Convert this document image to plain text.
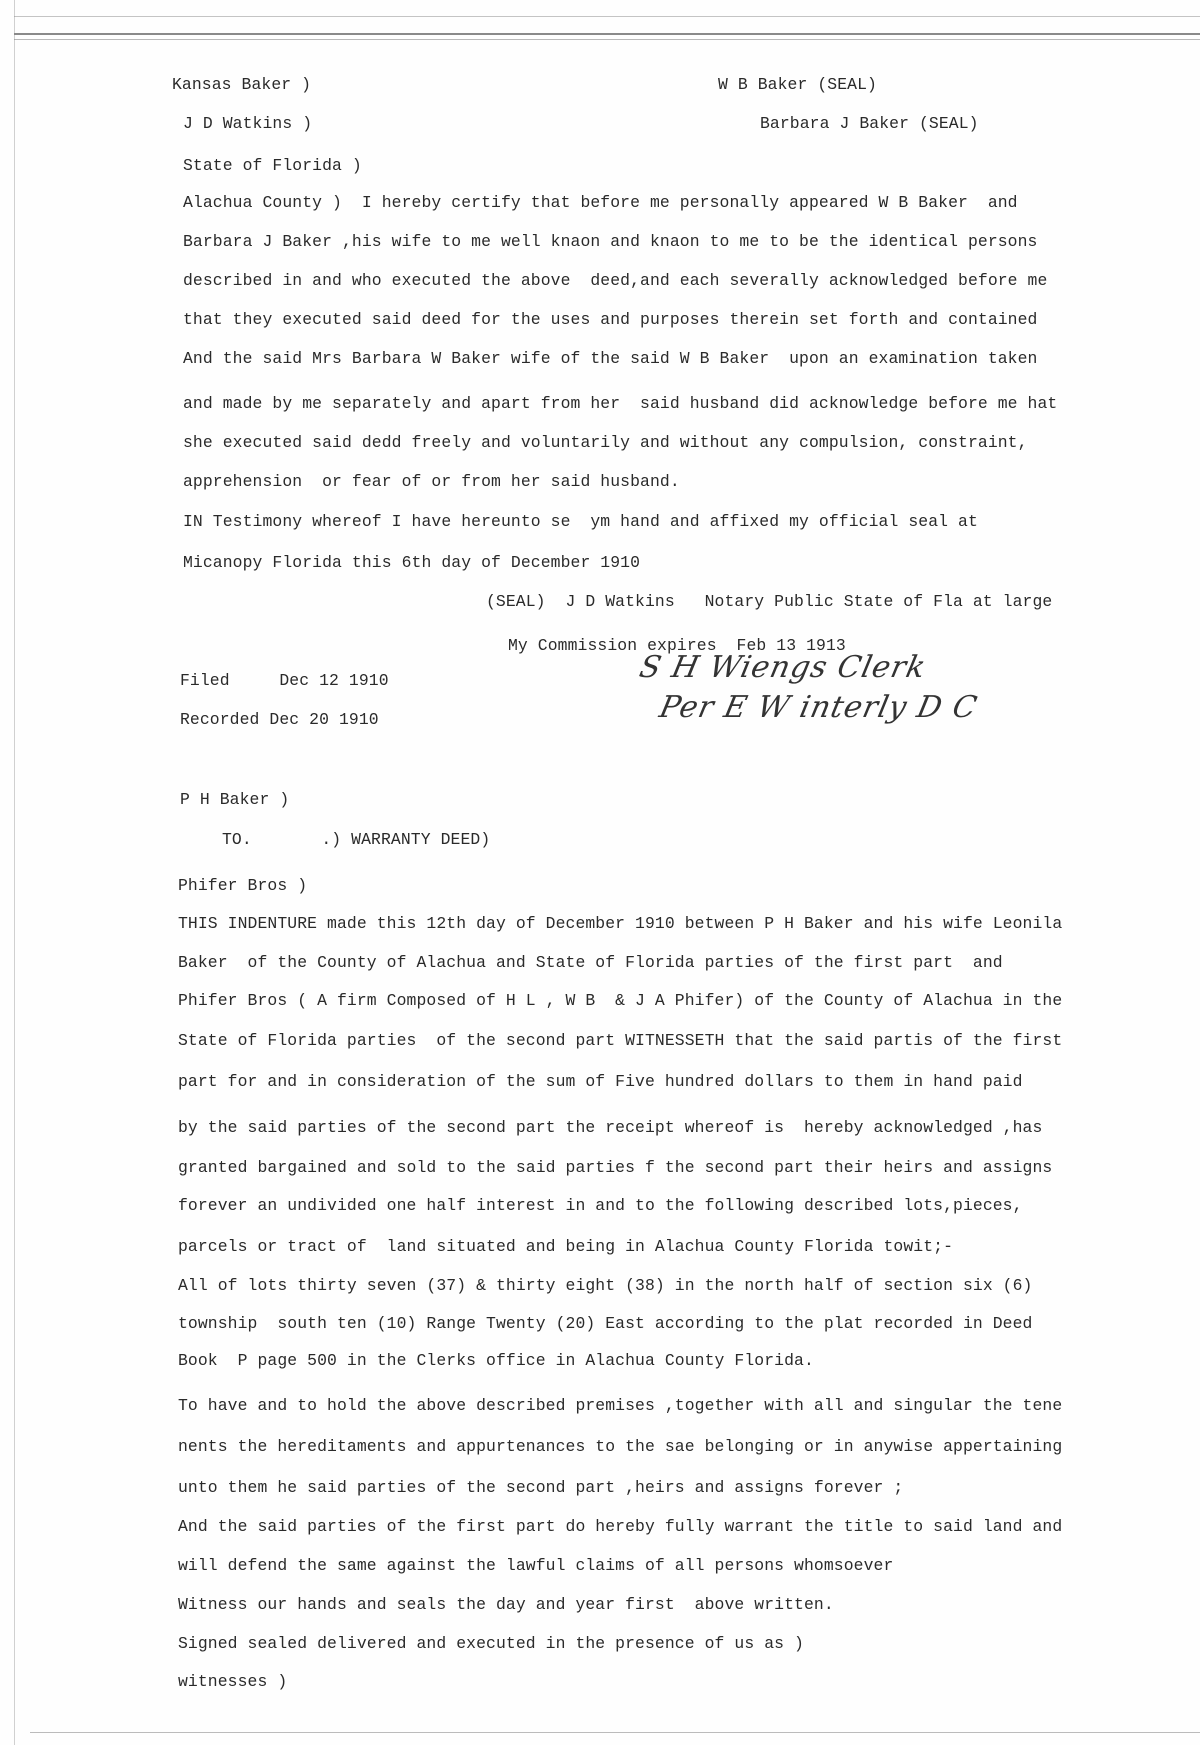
Kansas Baker )	W B Baker (SEAL)
J D Watkins )	Barbara J Baker (SEAL)
State of Florida )
Alachua County )  I hereby certify that before me personally appeared W B Baker  and
Barbara J Baker ,his wife to me well knaon and knaon to me to be the identical persons
described in and who executed the above  deed,and each severally acknowledged before me
that they executed said deed for the uses and purposes therein set forth and contained
And the said Mrs Barbara W Baker wife of the said W B Baker  upon an examination taken
and made by me separately and apart from her  said husband did acknowledge before me hat
she executed said dedd freely and voluntarily and without any compulsion, constraint,
apprehension  or fear of or from her said husband.
IN Testimony whereof I have hereunto se  ym hand and affixed my official seal at
Micanopy Florida this 6th day of December 1910
(SEAL)  J D Watkins   Notary Public State of Fla at large
My Commission expires  Feb 13 1913
Filed     Dec 12 1910
Recorded Dec 20 1910
P H Baker )
TO.       .) WARRANTY DEED)
Phifer Bros )
THIS INDENTURE made this 12th day of December 1910 between P H Baker and his wife Leonila
Baker  of the County of Alachua and State of Florida parties of the first part  and
Phifer Bros ( A firm Composed of H L , W B  & J A Phifer) of the County of Alachua in the
State of Florida parties  of the second part WITNESSETH that the said partis of the first
part for and in consideration of the sum of Five hundred dollars to them in hand paid
by the said parties of the second part the receipt whereof is  hereby acknowledged ,has
granted bargained and sold to the said parties f the second part their heirs and assigns
forever an undivided one half interest in and to the following described lots,pieces,
parcels or tract of  land situated and being in Alachua County Florida towit;-
All of lots thirty seven (37) & thirty eight (38) in the north half of section six (6)
township  south ten (10) Range Twenty (20) East according to the plat recorded in Deed
Book  P page 500 in the Clerks office in Alachua County Florida.
To have and to hold the above described premises ,together with all and singular the tene
nents the hereditaments and appurtenances to the sae belonging or in anywise appertaining
unto them he said parties of the second part ,heirs and assigns forever ;
And the said parties of the first part do hereby fully warrant the title to said land and
will defend the same against the lawful claims of all persons whomsoever
Witness our hands and seals the day and year first  above written.
Signed sealed delivered and executed in the presence of us as )
witnesses )
S H Wiengs Clerk
Per E W interly D C
